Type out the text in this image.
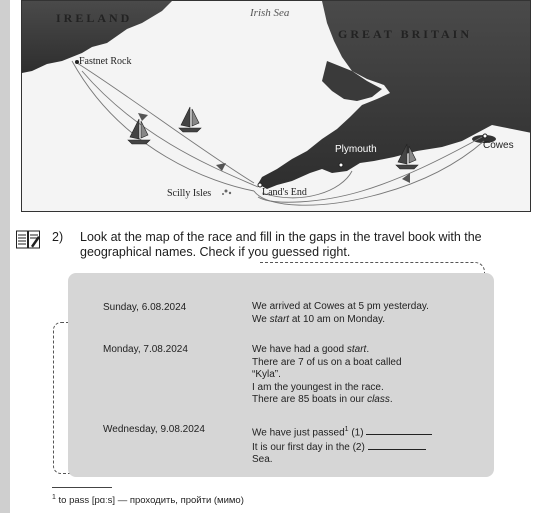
IRELAND	Irish Sea
GREAT BRITAIN
Fastnet Rock
Plymouth	Cowes
Scilly Isles	Land's End
2) Look at the map of the race and fill in the gaps in the travel book with the geographical names. Check if you guessed right.
Sunday, 6.08.2024	We arrived at Cowes at 5 pm yesterday.
We start at 10 am on Monday.
Monday, 7.08.2024	We have had a good start.
There are 7 of us on a boat called
“Kyla”.
I am the youngest in the race.
There are 85 boats in our class.
Wednesday, 9.08.2024	We have just passed$^1$ (1)
It is our first day in the (2)
Sea.
$^1$ to pass [pɑːs] — проходить, пройти (мимо)
